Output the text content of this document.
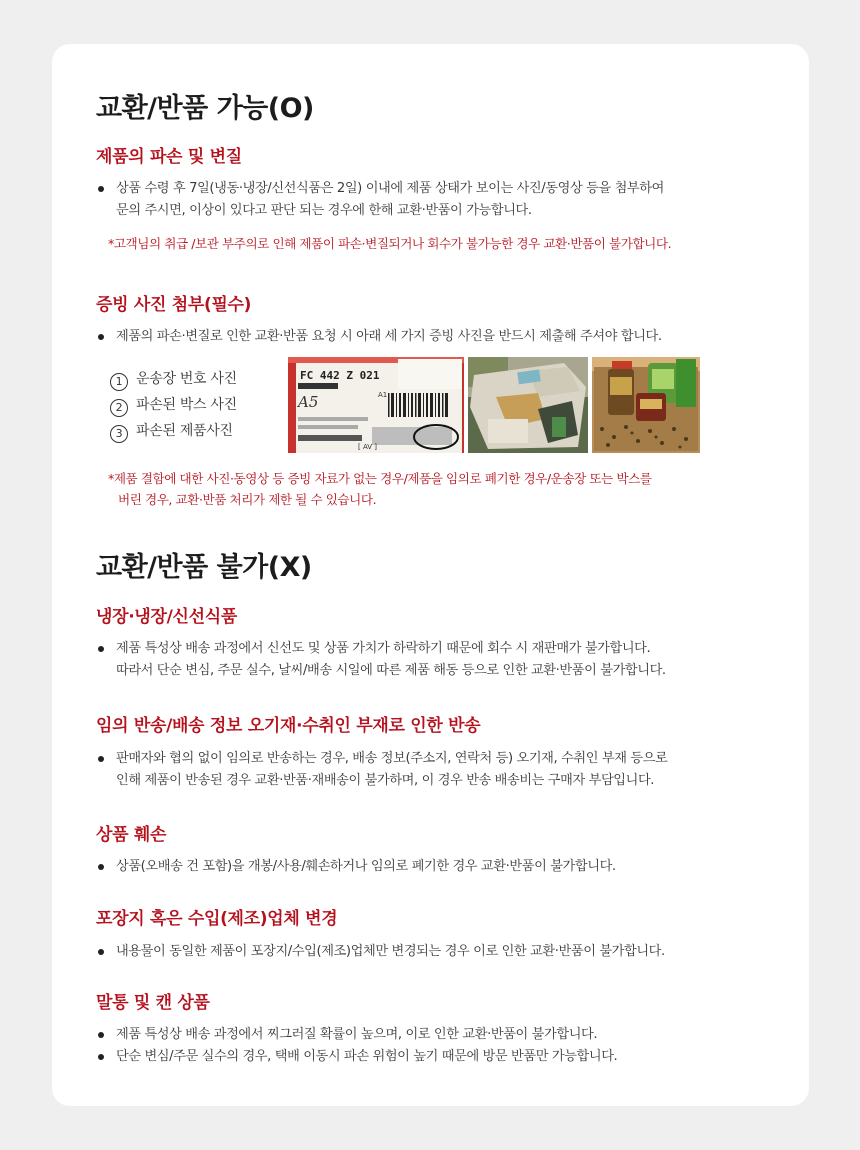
교환/반품 가능(O)
제품의 파손 및 변질
상품 수령 후 7일(냉동·냉장/신선식품은 2일) 이내에 제품 상태가 보이는 사진/동영상 등을 첨부하여
문의 주시면, 이상이 있다고 판단 되는 경우에 한해 교환·반품이 가능합니다.
*고객님의 취급 /보관 부주의로 인해 제품이 파손·변질되거나 회수가 불가능한 경우 교환·반품이 불가합니다.
증빙 사진 첨부(필수)
제품의 파손·변질로 인한 교환·반품 요청 시 아래 세 가지 증빙 사진을 반드시 제출해 주셔야 합니다.
1 운송장 번호 사진
2 파손된 박스 사진
3 파손된 제품사진
FC 442 Z 021
A5	A1
[ AV ]
*제품 결함에 대한 사진·동영상 등 증빙 자료가 없는 경우/제품을 임의로 폐기한 경우/운송장 또는 박스를
버린 경우, 교환·반품 처리가 제한 될 수 있습니다.
교환/반품 불가(X)
냉장·냉장/신선식품
제품 특성상 배송 과정에서 신선도 및 상품 가치가 하락하기 때문에 회수 시 재판매가 불가합니다.
따라서 단순 변심, 주문 실수, 날씨/배송 시일에 따른 제품 해동 등으로 인한 교환·반품이 불가합니다.
임의 반송/배송 정보 오기재·수취인 부재로 인한 반송
판매자와 협의 없이 임의로 반송하는 경우, 배송 정보(주소지, 연락처 등) 오기재, 수취인 부재 등으로
인해 제품이 반송된 경우 교환·반품·재배송이 불가하며, 이 경우 반송 배송비는 구매자 부담입니다.
상품 훼손
상품(오배송 건 포함)을 개봉/사용/훼손하거나 임의로 폐기한 경우 교환·반품이 불가합니다.
포장지 혹은 수입(제조)업체 변경
내용물이 동일한 제품이 포장지/수입(제조)업체만 변경되는 경우 이로 인한 교환·반품이 불가합니다.
말통 및 캔 상품
제품 특성상 배송 과정에서 찌그러질 확률이 높으며, 이로 인한 교환·반품이 불가합니다.
단순 변심/주문 실수의 경우, 택배 이동시 파손 위험이 높기 때문에 방문 반품만 가능합니다.
